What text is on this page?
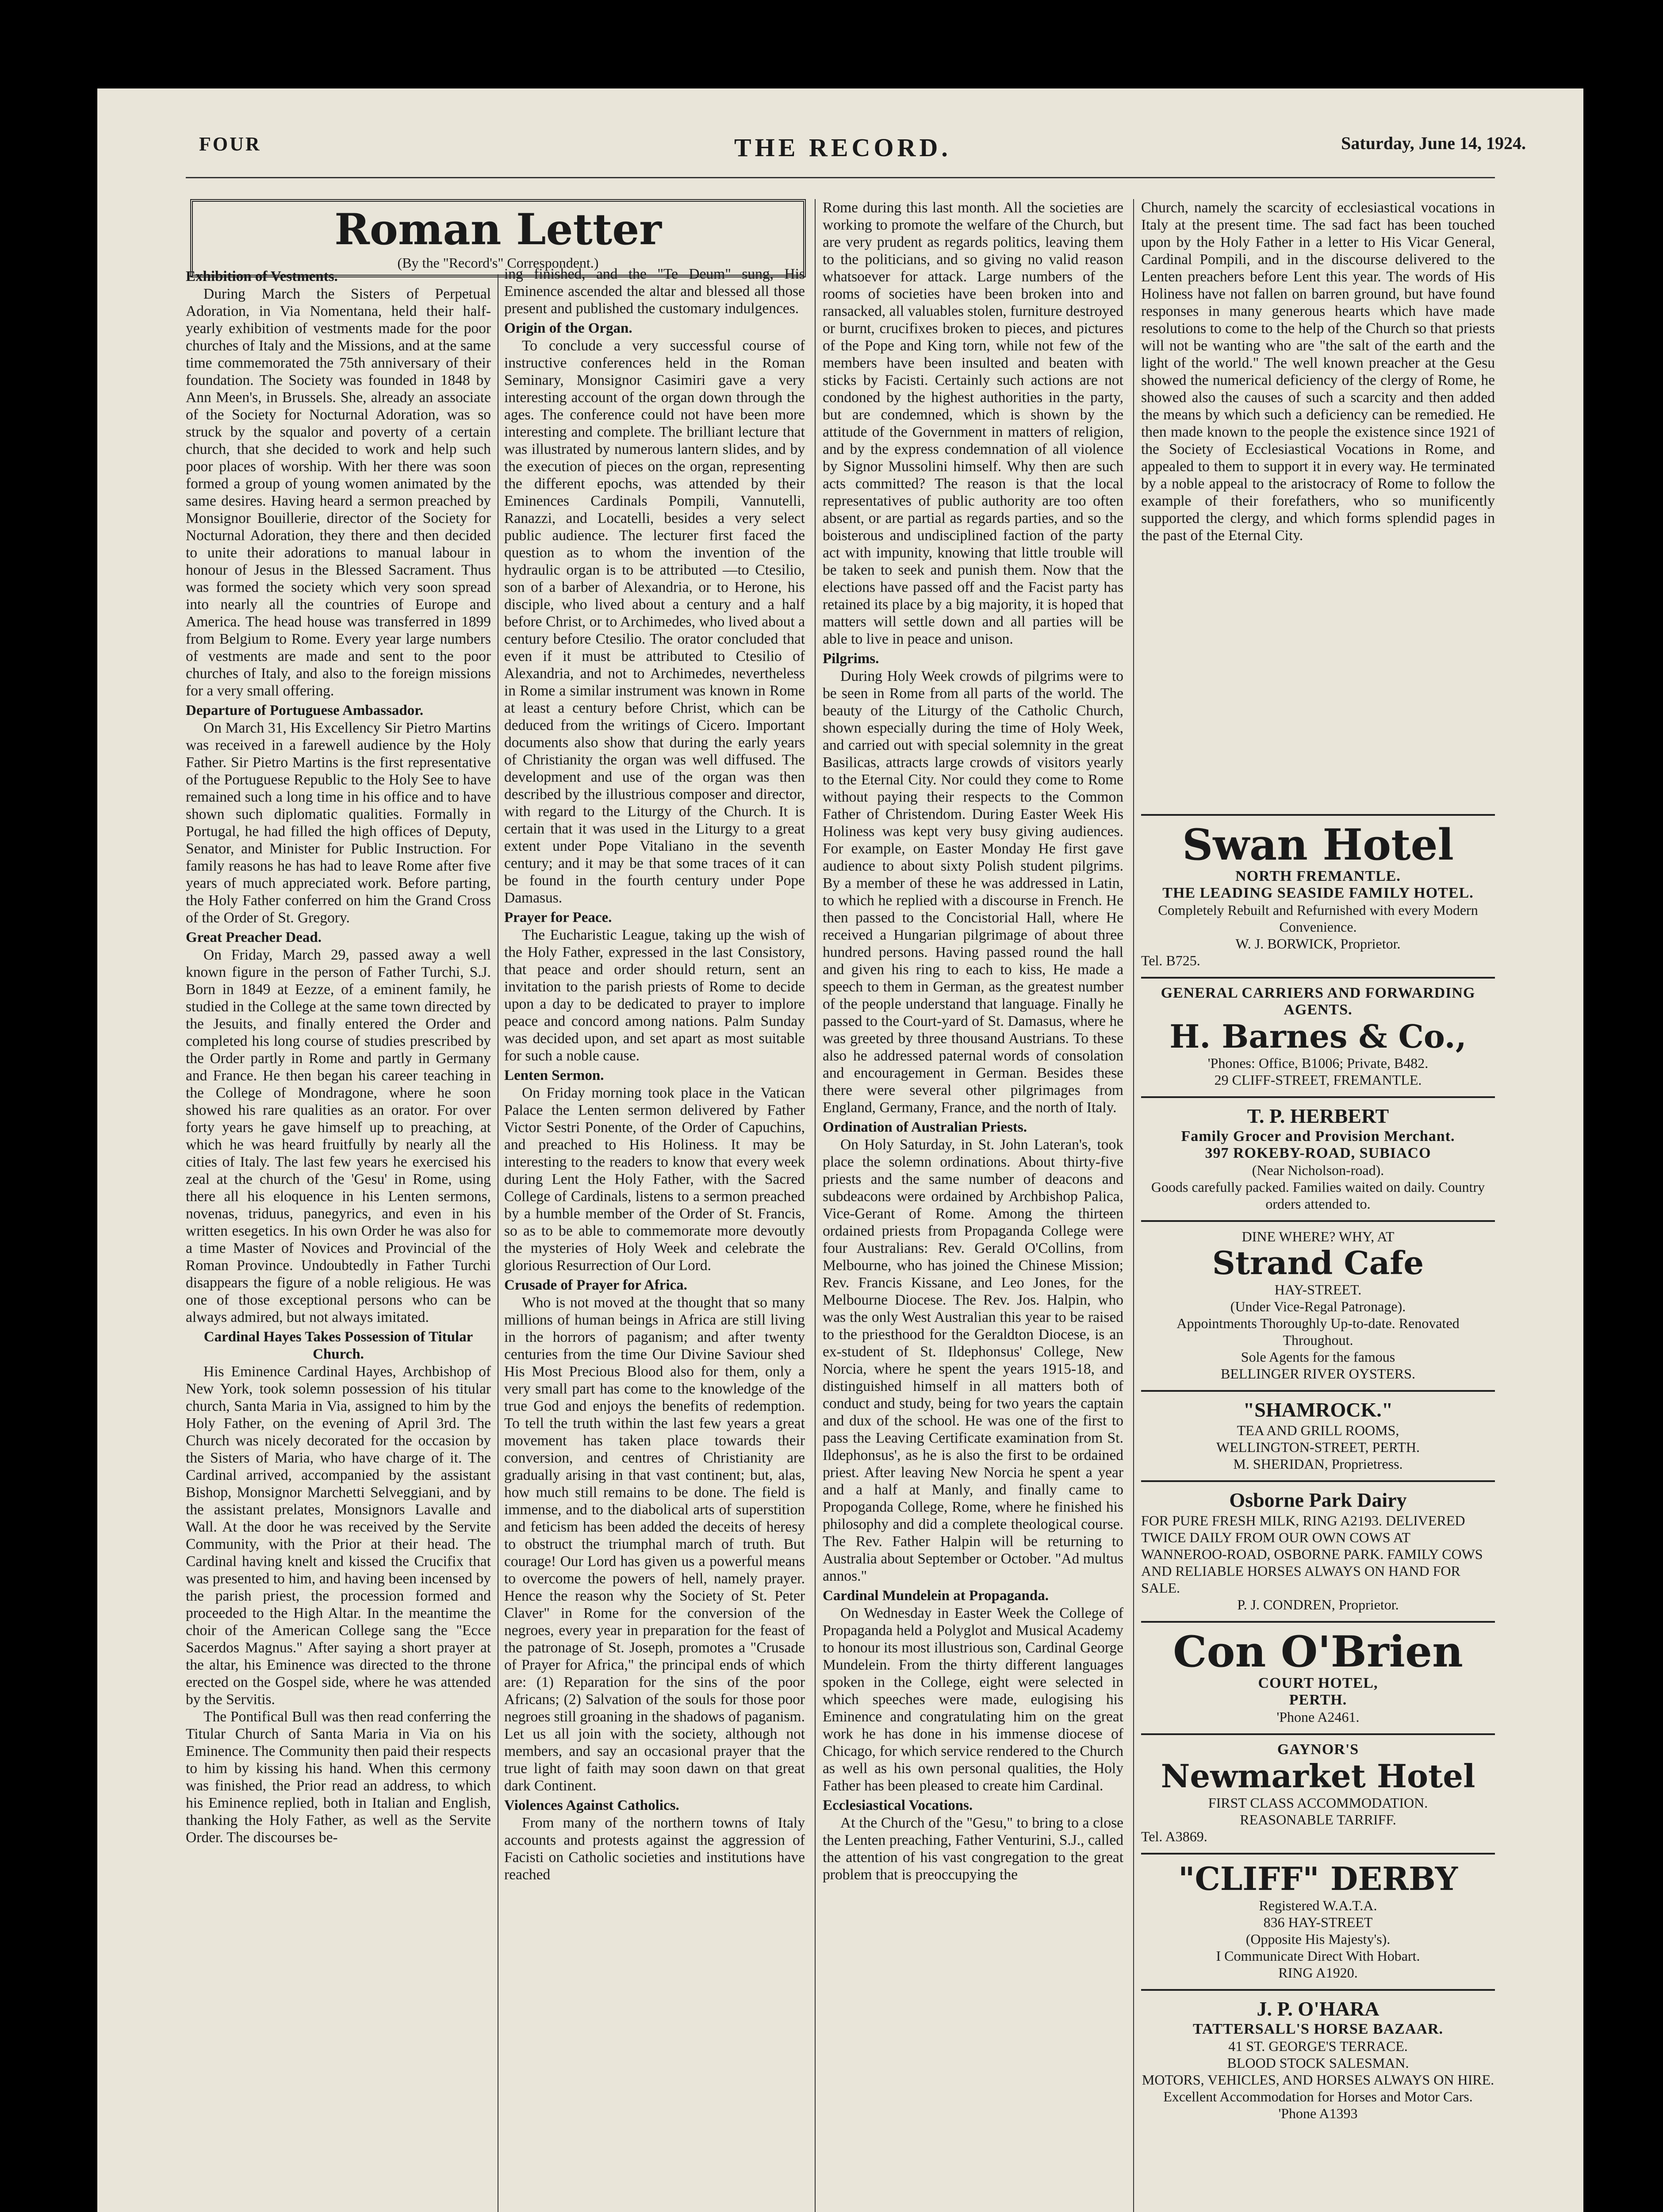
FOUR	THE RECORD.	Saturday, June 14, 1924.
Roman Letter
(By the "Record's" Correspondent.)
Exhibition of Vestments.

During March the Sisters of Perpetual Adoration, in Via Nomentana, held their half-yearly exhibition of vestments made for the poor churches of Italy and the Missions, and at the same time commemorated the 75th anniversary of their foundation. The Society was founded in 1848 by Ann Meen's, in Brussels. She, already an associate of the Society for Nocturnal Adoration, was so struck by the squalor and poverty of a certain church, that she decided to work and help such poor places of worship. With her there was soon formed a group of young women animated by the same desires. Having heard a sermon preached by Monsignor Bouillerie, director of the Society for Nocturnal Adoration, they there and then decided to unite their adorations to manual labour in honour of Jesus in the Blessed Sacrament. Thus was formed the society which very soon spread into nearly all the countries of Europe and America. The head house was transferred in 1899 from Belgium to Rome. Every year large numbers of vestments are made and sent to the poor churches of Italy, and also to the foreign missions for a very small offering.

Departure of Portuguese Ambassador.

On March 31, His Excellency Sir Pietro Martins was received in a farewell audience by the Holy Father. Sir Pietro Martins is the first representative of the Portuguese Republic to the Holy See to have remained such a long time in his office and to have shown such diplomatic qualities. Formally in Portugal, he had filled the high offices of Deputy, Senator, and Minister for Public Instruction. For family reasons he has had to leave Rome after five years of much appreciated work. Before parting, the Holy Father conferred on him the Grand Cross of the Order of St. Gregory.

Great Preacher Dead.

On Friday, March 29, passed away a well known figure in the person of Father Turchi, S.J. Born in 1849 at Eezze, of a eminent family, he studied in the College at the same town directed by the Jesuits, and finally entered the Order and completed his long course of studies prescribed by the Order partly in Rome and partly in Germany and France. He then began his career teaching in the College of Mondragone, where he soon showed his rare qualities as an orator. For over forty years he gave himself up to preaching, at which he was heard fruitfully by nearly all the cities of Italy. The last few years he exercised his zeal at the church of the 'Gesu' in Rome, using there all his eloquence in his Lenten sermons, novenas, triduus, panegyrics, and even in his written esegetics. In his own Order he was also for a time Master of Novices and Provincial of the Roman Province. Undoubtedly in Father Turchi disappears the figure of a noble religious. He was one of those exceptional persons who can be always admired, but not always imitated.

Cardinal Hayes Takes Possession of Titular Church.

His Eminence Cardinal Hayes, Archbishop of New York, took solemn possession of his titular church, Santa Maria in Via, assigned to him by the Holy Father, on the evening of April 3rd. The Church was nicely decorated for the occasion by the Sisters of Maria, who have charge of it. The Cardinal arrived, accompanied by the assistant Bishop, Monsignor Marchetti Selveggiani, and by the assistant prelates, Monsignors Lavalle and Wall. At the door he was received by the Servite Community, with the Prior at their head. The Cardinal having knelt and kissed the Crucifix that was presented to him, and having been incensed by the parish priest, the procession formed and proceeded to the High Altar. In the meantime the choir of the American College sang the "Ecce Sacerdos Magnus." After saying a short prayer at the altar, his Eminence was directed to the throne erected on the Gospel side, where he was attended by the Servitis.

The Pontifical Bull was then read conferring the Titular Church of Santa Maria in Via on his Eminence. The Community then paid their respects to him by kissing his hand. When this cermony was finished, the Prior read an address, to which his Eminence replied, both in Italian and English, thanking the Holy Father, as well as the Servite Order. The discourses be-

ing finished, and the "Te Deum" sung, His Eminence ascended the altar and blessed all those present and published the customary indulgences.

Origin of the Organ.

To conclude a very successful course of instructive conferences held in the Roman Seminary, Monsignor Casimiri gave a very interesting account of the organ down through the ages. The conference could not have been more interesting and complete. The brilliant lecture that was illustrated by numerous lantern slides, and by the execution of pieces on the organ, representing the different epochs, was attended by their Eminences Cardinals Pompili, Vannutelli, Ranazzi, and Locatelli, besides a very select public audience. The lecturer first faced the question as to whom the invention of the hydraulic organ is to be attributed —to Ctesilio, son of a barber of Alexandria, or to Herone, his disciple, who lived about a century and a half before Christ, or to Archimedes, who lived about a century before Ctesilio. The orator concluded that even if it must be attributed to Ctesilio of Alexandria, and not to Archimedes, nevertheless in Rome a similar instrument was known in Rome at least a century before Christ, which can be deduced from the writings of Cicero. Important documents also show that during the early years of Christianity the organ was well diffused. The development and use of the organ was then described by the illustrious composer and director, with regard to the Liturgy of the Church. It is certain that it was used in the Liturgy to a great extent under Pope Vitaliano in the seventh century; and it may be that some traces of it can be found in the fourth century under Pope Damasus.

Prayer for Peace.

The Eucharistic League, taking up the wish of the Holy Father, expressed in the last Consistory, that peace and order should return, sent an invitation to the parish priests of Rome to decide upon a day to be dedicated to prayer to implore peace and concord among nations. Palm Sunday was decided upon, and set apart as most suitable for such a noble cause.

Lenten Sermon.

On Friday morning took place in the Vatican Palace the Lenten sermon delivered by Father Victor Sestri Ponente, of the Order of Capuchins, and preached to His Holiness. It may be interesting to the readers to know that every week during Lent the Holy Father, with the Sacred College of Cardinals, listens to a sermon preached by a humble member of the Order of St. Francis, so as to be able to commemorate more devoutly the mysteries of Holy Week and celebrate the glorious Resurrection of Our Lord.

Crusade of Prayer for Africa.

Who is not moved at the thought that so many millions of human beings in Africa are still living in the horrors of paganism; and after twenty centuries from the time Our Divine Saviour shed His Most Precious Blood also for them, only a very small part has come to the knowledge of the true God and enjoys the benefits of redemption. To tell the truth within the last few years a great movement has taken place towards their conversion, and centres of Christianity are gradually arising in that vast continent; but, alas, how much still remains to be done. The field is immense, and to the diabolical arts of superstition and feticism has been added the deceits of heresy to obstruct the triumphal march of truth. But courage! Our Lord has given us a powerful means to overcome the powers of hell, namely prayer. Hence the reason why the Society of St. Peter Claver" in Rome for the conversion of the negroes, every year in preparation for the feast of the patronage of St. Joseph, promotes a "Crusade of Prayer for Africa," the principal ends of which are: (1) Reparation for the sins of the poor Africans; (2) Salvation of the souls for those poor negroes still groaning in the shadows of paganism. Let us all join with the society, although not members, and say an occasional prayer that the true light of faith may soon dawn on that great dark Continent.

Violences Against Catholics.

From many of the northern towns of Italy accounts and protests against the aggression of Facisti on Catholic societies and institutions have reached

Rome during this last month. All the societies are working to promote the welfare of the Church, but are very prudent as regards politics, leaving them to the politicians, and so giving no valid reason whatsoever for attack. Large numbers of the rooms of societies have been broken into and ransacked, all valuables stolen, furniture destroyed or burnt, crucifixes broken to pieces, and pictures of the Pope and King torn, while not few of the members have been insulted and beaten with sticks by Facisti. Certainly such actions are not condoned by the highest authorities in the party, but are condemned, which is shown by the attitude of the Government in matters of religion, and by the express condemnation of all violence by Signor Mussolini himself. Why then are such acts committed? The reason is that the local representatives of public authority are too often absent, or are partial as regards parties, and so the boisterous and undisciplined faction of the party act with impunity, knowing that little trouble will be taken to seek and punish them. Now that the elections have passed off and the Facist party has retained its place by a big majority, it is hoped that matters will settle down and all parties will be able to live in peace and unison.

Pilgrims.

During Holy Week crowds of pilgrims were to be seen in Rome from all parts of the world. The beauty of the Liturgy of the Catholic Church, shown especially during the time of Holy Week, and carried out with special solemnity in the great Basilicas, attracts large crowds of visitors yearly to the Eternal City. Nor could they come to Rome without paying their respects to the Common Father of Christendom. During Easter Week His Holiness was kept very busy giving audiences. For example, on Easter Monday He first gave audience to about sixty Polish student pilgrims. By a member of these he was addressed in Latin, to which he replied with a discourse in French. He then passed to the Concistorial Hall, where He received a Hungarian pilgrimage of about three hundred persons. Having passed round the hall and given his ring to each to kiss, He made a speech to them in German, as the greatest number of the people understand that language. Finally he passed to the Court-yard of St. Damasus, where he was greeted by three thousand Austrians. To these also he addressed paternal words of consolation and encouragement in German. Besides these there were several other pilgrimages from England, Germany, France, and the north of Italy.

Ordination of Australian Priests.

On Holy Saturday, in St. John Lateran's, took place the solemn ordinations. About thirty-five priests and the same number of deacons and subdeacons were ordained by Archbishop Palica, Vice-Gerant of Rome. Among the thirteen ordained priests from Propaganda College were four Australians: Rev. Gerald O'Collins, from Melbourne, who has joined the Chinese Mission; Rev. Francis Kissane, and Leo Jones, for the Melbourne Diocese. The Rev. Jos. Halpin, who was the only West Australian this year to be raised to the priesthood for the Geraldton Diocese, is an ex-student of St. Ildephonsus' College, New Norcia, where he spent the years 1915-18, and distinguished himself in all matters both of conduct and study, being for two years the captain and dux of the school. He was one of the first to pass the Leaving Certificate examination from St. Ildephonsus', as he is also the first to be ordained priest. After leaving New Norcia he spent a year and a half at Manly, and finally came to Propoganda College, Rome, where he finished his philosophy and did a complete theological course. The Rev. Father Halpin will be returning to Australia about September or October. "Ad multus annos."

Cardinal Mundelein at Propaganda.

On Wednesday in Easter Week the College of Propaganda held a Polyglot and Musical Academy to honour its most illustrious son, Cardinal George Mundelein. From the thirty different languages spoken in the College, eight were selected in which speeches were made, eulogising his Eminence and congratulating him on the great work he has done in his immense diocese of Chicago, for which service rendered to the Church as well as his own personal qualities, the Holy Father has been pleased to create him Cardinal.

Ecclesiastical Vocations.

At the Church of the "Gesu," to bring to a close the Lenten preaching, Father Venturini, S.J., called the attention of his vast congregation to the great problem that is preoccupying the

Church, namely the scarcity of ecclesiastical vocations in Italy at the present time. The sad fact has been touched upon by the Holy Father in a letter to His Vicar General, Cardinal Pompili, and in the discourse delivered to the Lenten preachers before Lent this year. The words of His Holiness have not fallen on barren ground, but have found responses in many generous hearts which have made resolutions to come to the help of the Church so that priests will not be wanting who are "the salt of the earth and the light of the world." The well known preacher at the Gesu showed the numerical deficiency of the clergy of Rome, he showed also the causes of such a scarcity and then added the means by which such a deficiency can be remedied. He then made known to the people the existence since 1921 of the Society of Ecclesiastical Vocations in Rome, and appealed to them to support it in every way. He terminated by a noble appeal to the aristocracy of Rome to follow the example of their forefathers, who so munificently supported the clergy, and which forms splendid pages in the past of the Eternal City.

Swan Hotel
NORTH FREMANTLE.
THE LEADING SEASIDE FAMILY HOTEL.
Completely Rebuilt and Refurnished with every Modern Convenience.
W. J. BORWICK, Proprietor.
Tel. B725.
GENERAL CARRIERS AND FORWARDING AGENTS.
H. Barnes & Co.,
'Phones: Office, B1006; Private, B482.
29 CLIFF-STREET, FREMANTLE.
T. P. HERBERT
Family Grocer and Provision Merchant.
397 ROKEBY-ROAD, SUBIACO
(Near Nicholson-road).
Goods carefully packed. Families waited on daily. Country orders attended to.
DINE WHERE? WHY, AT
Strand Cafe
HAY-STREET.
(Under Vice-Regal Patronage).
Appointments Thoroughly Up-to-date. Renovated Throughout.
Sole Agents for the famous
BELLINGER RIVER OYSTERS.
"SHAMROCK."
TEA AND GRILL ROOMS,
WELLINGTON-STREET, PERTH.
M. SHERIDAN, Proprietress.
Osborne Park Dairy
FOR PURE FRESH MILK, RING A2193. DELIVERED TWICE DAILY FROM OUR OWN COWS AT WANNEROO-ROAD, OSBORNE PARK. FAMILY COWS AND RELIABLE HORSES ALWAYS ON HAND FOR SALE.
P. J. CONDREN, Proprietor.
Con O'Brien
COURT HOTEL,
PERTH.
'Phone A2461.
GAYNOR'S
Newmarket Hotel
FIRST CLASS ACCOMMODATION.
REASONABLE TARRIFF.
Tel. A3869.
"CLIFF" DERBY
Registered W.A.T.A.
836 HAY-STREET
(Opposite His Majesty's).
I Communicate Direct With Hobart.
RING A1920.
J. P. O'HARA
TATTERSALL'S HORSE BAZAAR.
41 ST. GEORGE'S TERRACE.
BLOOD STOCK SALESMAN.
MOTORS, VEHICLES, AND HORSES ALWAYS ON HIRE.
Excellent Accommodation for Horses and Motor Cars.
'Phone A1393
